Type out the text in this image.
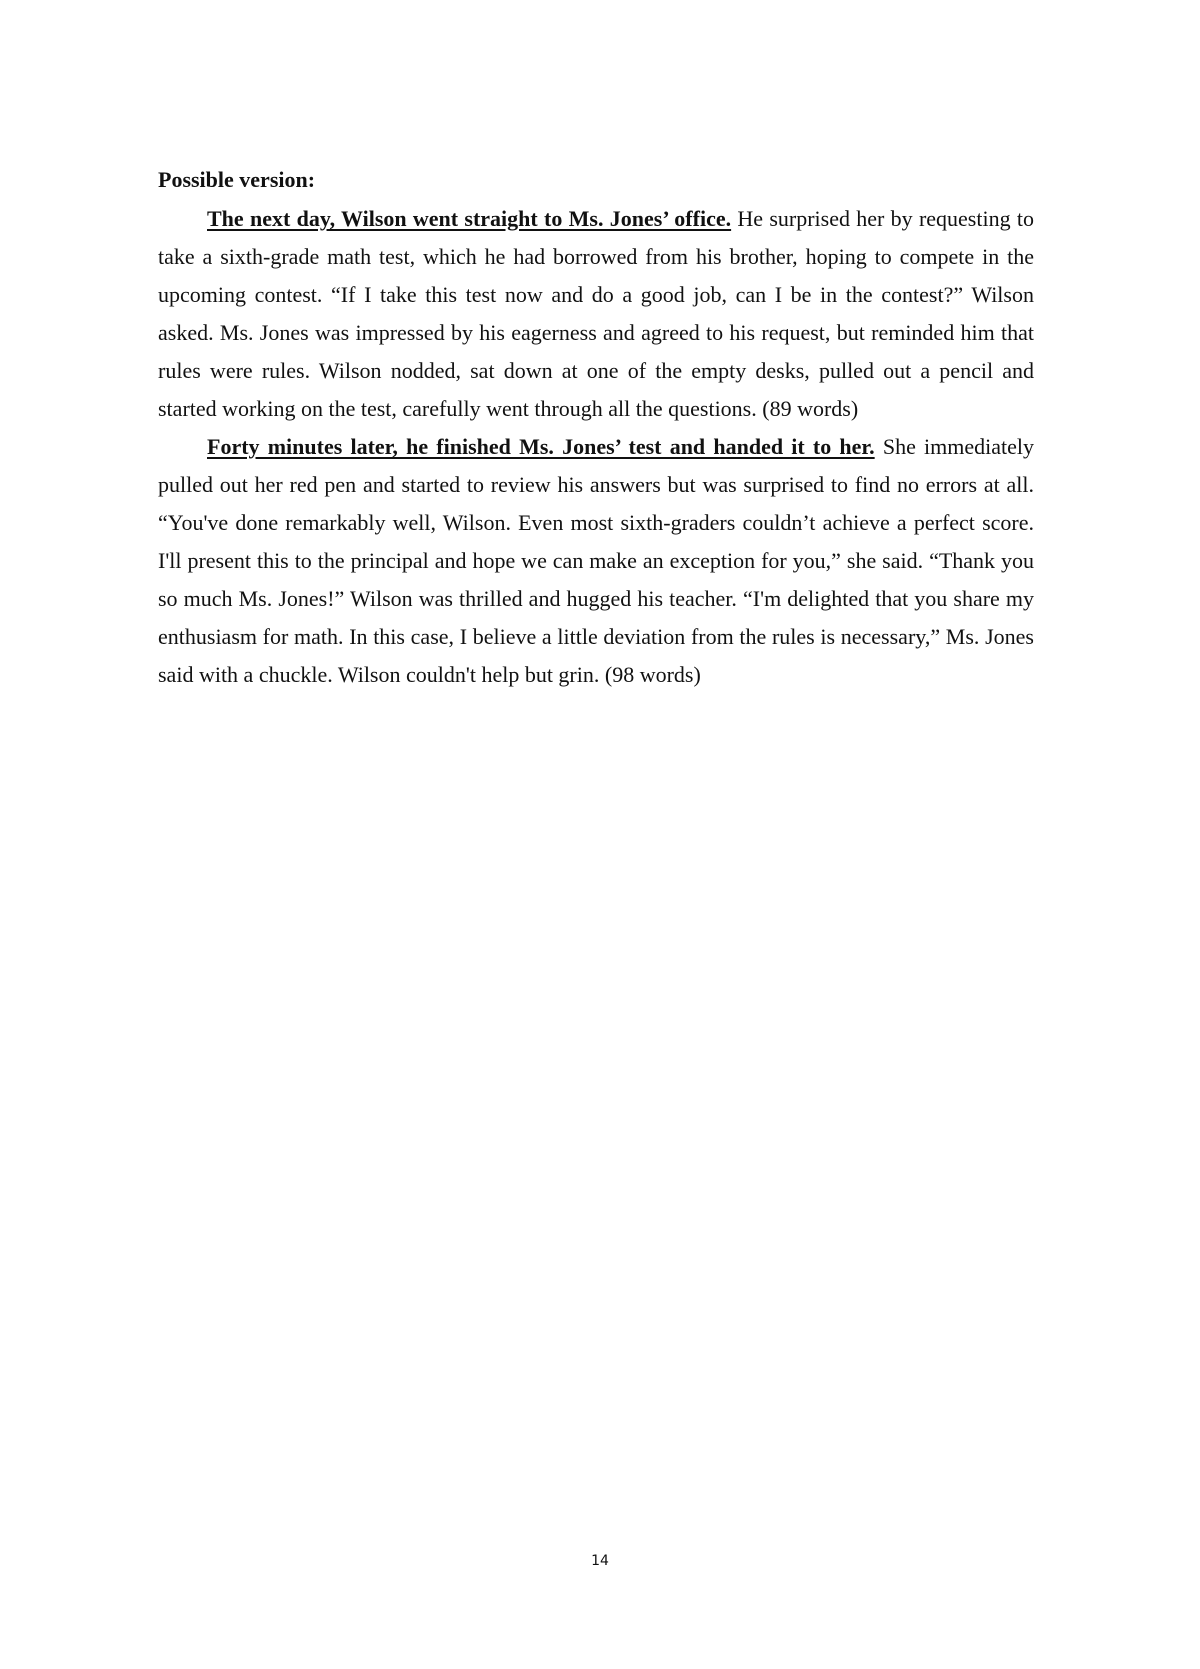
Possible version:

The next day, Wilson went straight to Ms. Jones’ office. He surprised her by requesting to take a sixth-grade math test, which he had borrowed from his brother, hoping to compete in the upcoming contest. “If I take this test now and do a good job, can I be in the contest?” Wilson asked. Ms. Jones was impressed by his eagerness and agreed to his request, but reminded him that rules were rules. Wilson nodded, sat down at one of the empty desks, pulled out a pencil and started working on the test, carefully went through all the questions. (89 words)

Forty minutes later, he finished Ms. Jones’ test and handed it to her. She immediately pulled out her red pen and started to review his answers but was surprised to find no errors at all. “You've done remarkably well, Wilson. Even most sixth-graders couldn’t achieve a perfect score. I'll present this to the principal and hope we can make an exception for you,” she said. “Thank you so much Ms. Jones!” Wilson was thrilled and hugged his teacher. “I'm delighted that you share my enthusiasm for math. In this case, I believe a little deviation from the rules is necessary,” Ms. Jones said with a chuckle. Wilson couldn't help but grin. (98 words)

14
